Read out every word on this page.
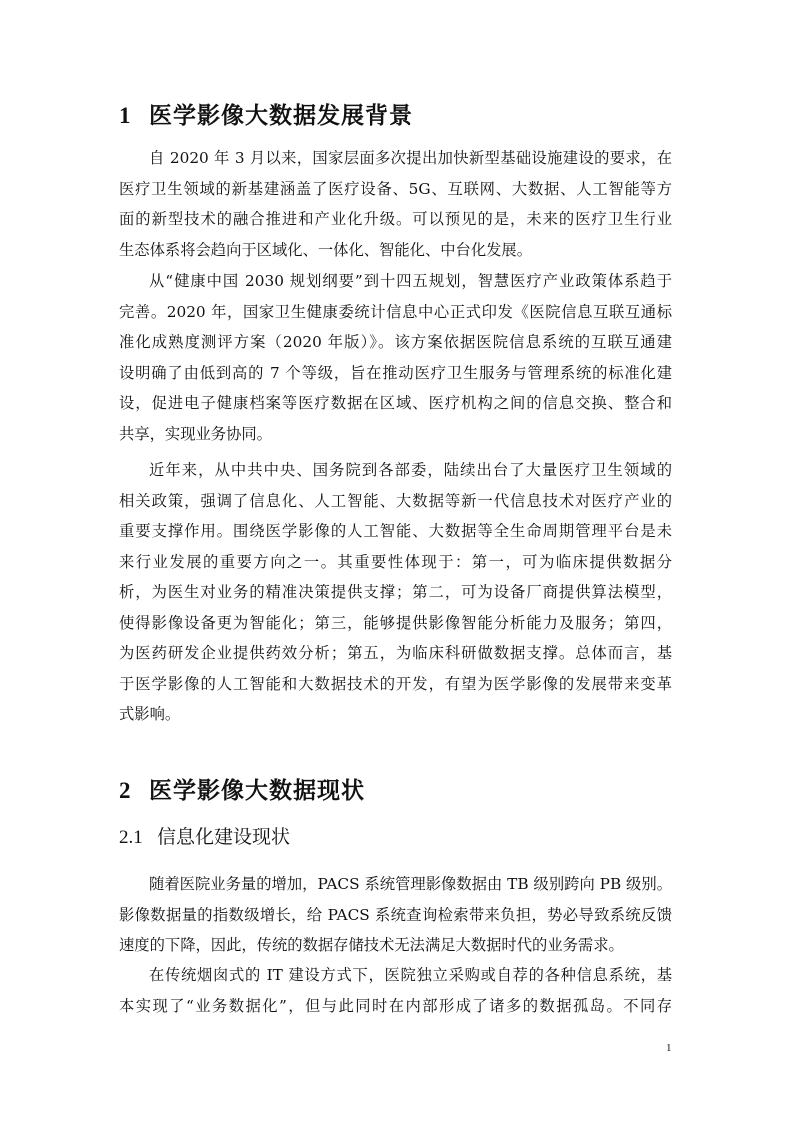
1 医学影像大数据发展背景
自 2020 年 3 月以来，国家层面多次提出加快新型基础设施建设的要求，在
医疗卫生领域的新基建涵盖了医疗设备、5G、互联网、大数据、人工智能等方
面的新型技术的融合推进和产业化升级。可以预见的是，未来的医疗卫生行业
生态体系将会趋向于区域化、一体化、智能化、中台化发展。
从“健康中国 2030 规划纲要”到十四五规划，智慧医疗产业政策体系趋于
完善。2020 年，国家卫生健康委统计信息中心正式印发《医院信息互联互通标
准化成熟度测评方案（2020 年版）》。该方案依据医院信息系统的互联互通建
设明确了由低到高的 7 个等级，旨在推动医疗卫生服务与管理系统的标准化建
设，促进电子健康档案等医疗数据在区域、医疗机构之间的信息交换、整合和
共享，实现业务协同。
近年来，从中共中央、国务院到各部委，陆续出台了大量医疗卫生领域的
相关政策，强调了信息化、人工智能、大数据等新一代信息技术对医疗产业的
重要支撑作用。围绕医学影像的人工智能、大数据等全生命周期管理平台是未
来行业发展的重要方向之一。其重要性体现于：第一，可为临床提供数据分
析，为医生对业务的精准决策提供支撑；第二，可为设备厂商提供算法模型，
使得影像设备更为智能化；第三，能够提供影像智能分析能力及服务；第四，
为医药研发企业提供药效分析；第五，为临床科研做数据支撑。总体而言，基
于医学影像的人工智能和大数据技术的开发，有望为医学影像的发展带来变革
式影响。
2 医学影像大数据现状
2.1 信息化建设现状
随着医院业务量的增加，PACS 系统管理影像数据由 TB 级别跨向 PB 级别。
影像数据量的指数级增长，给 PACS 系统查询检索带来负担，势必导致系统反馈
速度的下降，因此，传统的数据存储技术无法满足大数据时代的业务需求。
在传统烟囱式的 IT 建设方式下，医院独立采购或自荐的各种信息系统，基
本实现了“业务数据化”，但与此同时在内部形成了诸多的数据孤岛。不同存
1
